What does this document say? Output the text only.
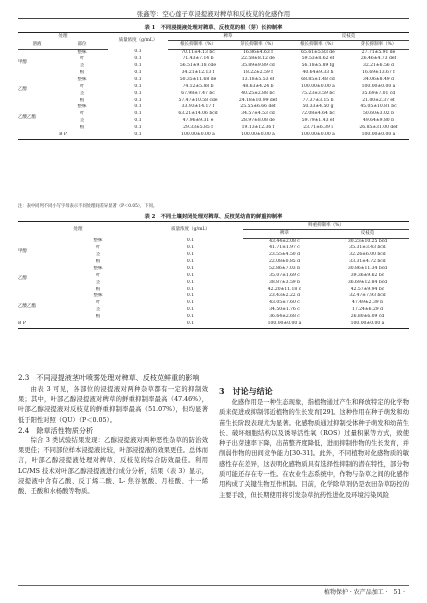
张鑫等：空心莲子草浸提液对稗草和反枝苋的化感作用
表 1　不同浸提液处理对稗草、反枝苋的根（芽）长抑制率
处理		质量浓度（g/mL）	稗草		反枝苋	
溶液	部位		根长抑制率（%）	芽长抑制率（%）	根长抑制率（%）	芽长抑制率（%）
甲醇	整株	0.1	70.11±4.13 bc	16.86±4.63 f	65.61±5.83 de	27.71±5.91 de
	叶	0.1	71.43±7.14 b	22.58±8.12 de	59.53±8.62 ef	26.46±4.73 def
	茎	0.1	56.51±9.18 cde	35.89±9.89 cd	56.18±5.89 fg	32.21±6.56 d
	根	0.1	34.21±12.13 f	18.22±2.59 f	40.64±9.33 h	16.69±13.67 f
乙醇	整株	0.1	50.35±11.68 de	13.18±5.53 ef	68.85±1.48 cd	34.06±8.49 d
	叶	0.1	74.12±5.88 b	48.63±4.24 b	100.00±0.00 a	100.00±0.00 a
	茎	0.1	67.98±7.47 bc	40.25±2.88 bc	75.23±3.59 bc	35.69±7.01 cd
	根	0.1	57.47±10.58 cde	24.18±10.99 def	77.37±3.15 b	21.00±2.37 ef
乙酸乙酯	整株	0.1	33.93±14.17 f	25.55±6.66 def	50.33±4.50 g	45.05±10.81 bc
	叶	0.1	63.21±14.06 bcd	34.57±4.53 cd	72.08±4.64 bc	50.60±3.02 b
	茎	0.1	47.96±9.31 e	28.97±8.08 de	59.79±1.43 ef	49.64±9.80 b
	根	0.1	29.33±5.85 f	19.13±12.36 f	23.71±6.39 i	26.85±31.00 def
B P		0.1	100.00±0.00 a	100.00±0.00 a	100.00±0.00 a	100.00±0.00 a
注：表中同列不同小写字母表示不同处理间差异显著（P＜0.05），下同。
表 2　不同土壤封闭处理对稗草、反枝苋幼苗的鲜重抑制率
处理		质量浓度（g/mL）	鲜重抑制率（%）	
			稗草	反枝苋
甲醇	整株	0.1	43.44±2.08 c	30.23±10.25 bcd
	叶	0.1	41.71±1.97 c	35.31±3.43 bcd
	茎	0.1	23.55±4.50 d	32.26±6.00 bcd
	根	0.1	22.08±0.85 d	33.31±4.72 bcd
乙醇	整株	0.1	52.86±7.03 b	30.86±11.34 bcd
	叶	0.1	35.07±1.69 c	39.36±9.62 bc
	茎	0.1	38.87±3.59 b	36.69±12.84 bcd
	根	0.1	42.20±11.18 c	42.57±9.94 bc
乙酸乙酯	整株	0.1	23.43±2.22 d	32.47±7.93 bcd
	叶	0.1	43.05±7.60 c	47.49±2.39 b
	茎	0.1	34.50±1.76 c	17.24±6.29 d
	根	0.1	36.64±2.68 c	26.80±6.09 cd
B P		0.1	100.00±0.00 a	100.00±0.00 a
2.3　不同浸提液茎叶喷雾处理对稗草、反枝苋鲜重的影响

由表 3 可见，各部位的浸提液对两种杂草都有一定的抑制效果；其中，叶部乙醇浸提液对稗草的鲜重抑制率最高（47.46%），叶部乙醇浸提液对反枝苋的鲜重抑制率最高（51.07%），但均显著低于阳性对照（QU）（P＜0.05）。

2.4　除草活性物质分析

综合 3 类试验结果发现：乙醇浸提液对两种恶性杂草的防治效果更佳；不同部位样本浸提液比较，叶部浸提液的效果更佳。总体而言，叶部乙醇浸提液处理对稗草、反枝苋的综合防效最佳。利用 LC/MS 技术对叶部乙醇浸提液进行成分分析，结果（表 3）显示，浸提液中含有乙酸、反丁烯二酸、L- 焦谷氨酸、月桂酸、十一烯酸、壬酸和水杨酸等物质。

3　讨论与结论

化感作用是一种生态现象，指植物通过产生和释放特定的化学物质来促进或抑制邻近植物的生长发育[29]。这种作用在种子萌发和幼苗生长阶段表现尤为显著。化感物质通过抑制受体种子萌发和幼苗生长、破坏细胞结构以及诱导活性氧（ROS）过量积累等方式，致使种子出芽速率下降，出苗整齐度降低，进而抑制作物的生长发育，并削弱作物的田间竞争能力[30-31]。此外，不同植物对化感物质的敏感性存在差异，这表明化感物质具有选择性抑制的潜在特性，部分物质可能还存在专一性。在农业生态系统中，作物与杂草之间的化感作用构成了关键生物互作机制。目前，化学除草剂仍是农田杂草防控的主要手段，但长期使用将引发杂草抗药性进化及环境污染风险

植物保护 · 农产品加工 ·　51 ·
